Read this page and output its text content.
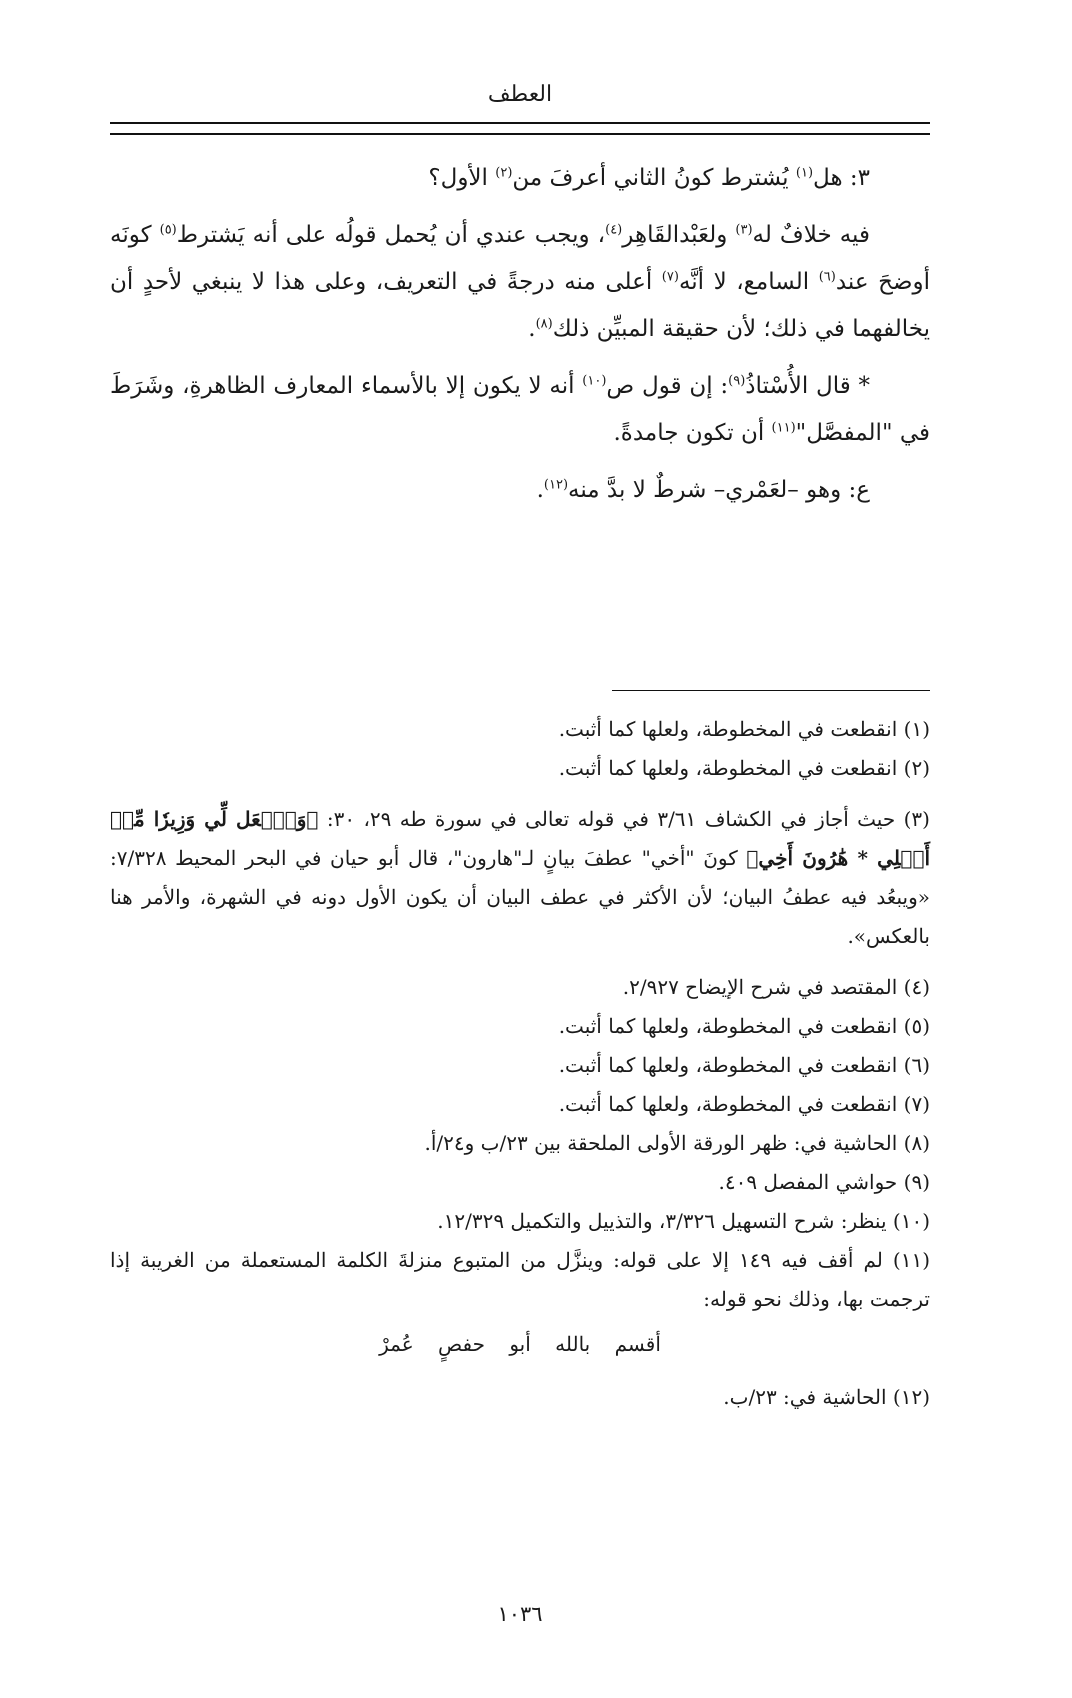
العطف

٣: هل$^{(١)}$ يُشترط كونُ الثاني أعرفَ من$^{(٢)}$ الأول؟

فيه خلافٌ له$^{(٣)}$ ولعَبْدالقَاهِر$^{(٤)}$، ويجب عندي أن يُحمل قولُه على أنه يَشترط$^{(٥)}$ كونَه أوضحَ عند$^{(٦)}$ السامع، لا أنَّه$^{(٧)}$ أعلى منه درجةً في التعريف، وعلى هذا لا ينبغي لأحدٍ أن يخالفهما في ذلك؛ لأن حقيقة المبيِّن ذلك$^{(٨)}$.

* قال الأُسْتاذُ$^{(٩)}$: إن قول ص$^{(١٠)}$ أنه لا يكون إلا بالأسماء المعارف الظاهرةِ، وشَرَطَ في "المفصَّل"$^{(١١)}$ أن تكون جامدةً.

ع: وهو –لعَمْري– شرطٌ لا بدَّ منه$^{(١٢)}$.

(١) انقطعت في المخطوطة، ولعلها كما أثبت.

(٢) انقطعت في المخطوطة، ولعلها كما أثبت.

(٣) حيث أجاز في الكشاف ٣/٦١ في قوله تعالى في سورة طه ٢٩، ٣٠: ﴿وَٱجۡعَل لِّي وَزِيرٗا مِّنۡ أَهۡلِي * هَٰرُونَ أَخِي﴾ كونَ "أخي" عطفَ بيانٍ لـ"هارون"، قال أبو حيان في البحر المحيط ٧/٣٢٨: «ويبعُد فيه عطفُ البيان؛ لأن الأكثر في عطف البيان أن يكون الأول دونه في الشهرة، والأمر هنا بالعكس».

(٤) المقتصد في شرح الإيضاح ٢/٩٢٧.

(٥) انقطعت في المخطوطة، ولعلها كما أثبت.

(٦) انقطعت في المخطوطة، ولعلها كما أثبت.

(٧) انقطعت في المخطوطة، ولعلها كما أثبت.

(٨) الحاشية في: ظهر الورقة الأولى الملحقة بين ٢٣/ب و٢٤/أ.

(٩) حواشي المفصل ٤٠٩.

(١٠) ينظر: شرح التسهيل ٣/٣٢٦، والتذييل والتكميل ١٢/٣٢٩.

(١١) لم أقف فيه ١٤٩ إلا على قوله: وينزَّل من المتبوع منزلةَ الكلمة المستعملة من الغريبة إذا ترجمت بها، وذلك نحو قوله:

أقسم بالله أبو حفصٍ عُمرْ

(١٢) الحاشية في: ٢٣/ب.

١٠٣٦
